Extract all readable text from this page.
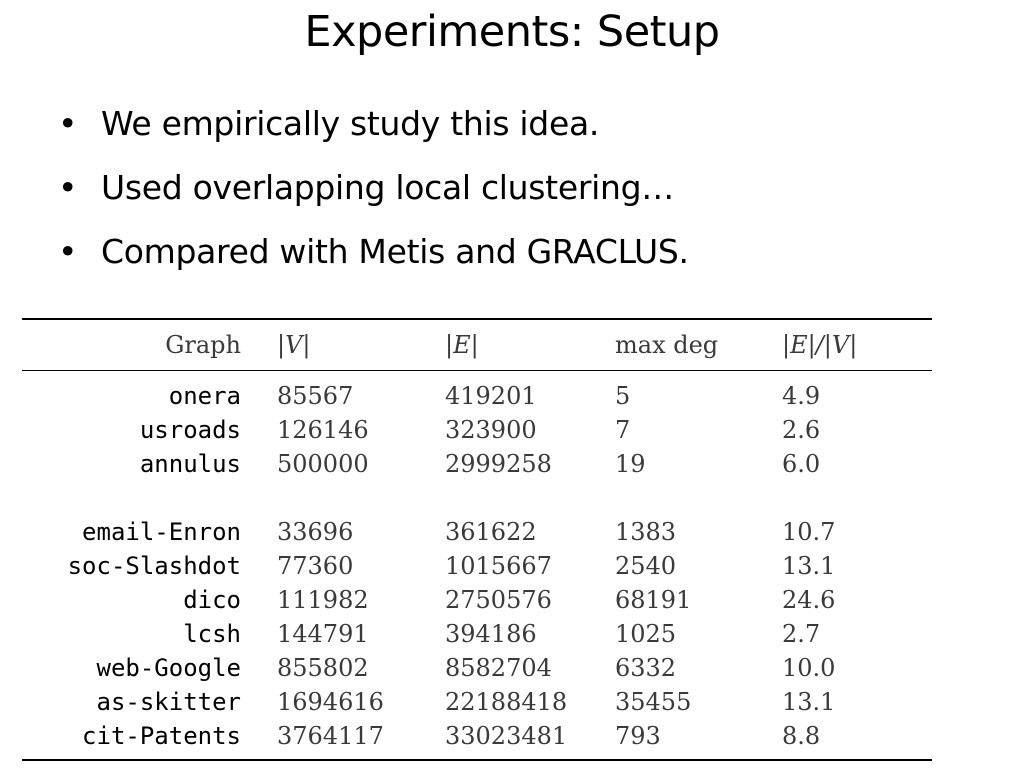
Experiments: Setup
• We empirically study this idea.
• Used overlapping local clustering…
• Compared with Metis and GRACLUS.
Graph	|V|	|E|	max deg	|E|/|V|
onera	85567	419201	5	4.9
usroads	126146	323900	7	2.6
annulus	500000	2999258	19	6.0

email-Enron	33696	361622	1383	10.7
soc-Slashdot	77360	1015667	2540	13.1
dico	111982	2750576	68191	24.6
lcsh	144791	394186	1025	2.7
web-Google	855802	8582704	6332	10.0
as-skitter	1694616	22188418	35455	13.1
cit-Patents	3764117	33023481	793	8.8
